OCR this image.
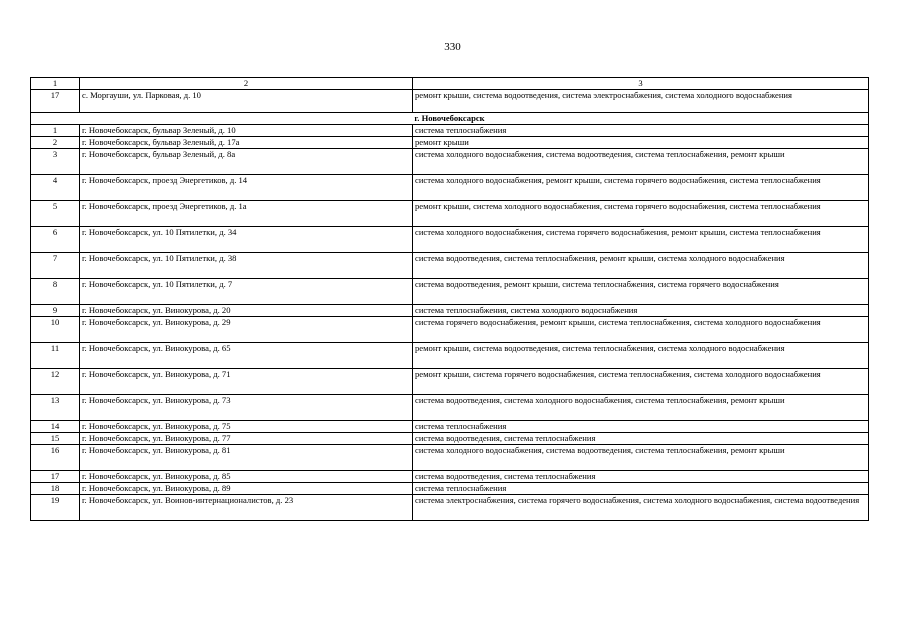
330
1	2	3
17	с. Моргауши, ул. Парковая, д. 10	ремонт крыши, система водоотведения, система электроснабжения, система холодного водоснабжения
г. Новочебоксарск		
1	г. Новочебоксарск, бульвар Зеленый, д. 10	система теплоснабжения
2	г. Новочебоксарск, бульвар Зеленый, д. 17а	ремонт крыши
3	г. Новочебоксарск, бульвар Зеленый, д. 8а	система холодного водоснабжения, система водоотведения, система теплоснабжения, ремонт крыши
4	г. Новочебоксарск, проезд Энергетиков, д. 14	система холодного водоснабжения, ремонт крыши, система горячего водоснабжения, система теплоснабжения
5	г. Новочебоксарск, проезд Энергетиков, д. 1а	ремонт крыши, система холодного водоснабжения, система горячего водоснабжения, система теплоснабжения
6	г. Новочебоксарск, ул. 10 Пятилетки, д. 34	система холодного водоснабжения, система горячего водоснабжения, ремонт крыши, система теплоснабжения
7	г. Новочебоксарск, ул. 10 Пятилетки, д. 38	система водоотведения, система теплоснабжения, ремонт крыши, система холодного водоснабжения
8	г. Новочебоксарск, ул. 10 Пятилетки, д. 7	система водоотведения, ремонт крыши, система теплоснабжения, система горячего водоснабжения
9	г. Новочебоксарск, ул. Винокурова, д. 20	система теплоснабжения, система холодного водоснабжения
10	г. Новочебоксарск, ул. Винокурова, д. 29	система горячего водоснабжения, ремонт крыши, система теплоснабжения, система холодного водоснабжения
11	г. Новочебоксарск, ул. Винокурова, д. 65	ремонт крыши, система водоотведения, система теплоснабжения, система холодного водоснабжения
12	г. Новочебоксарск, ул. Винокурова, д. 71	ремонт крыши, система горячего водоснабжения, система теплоснабжения, система холодного водоснабжения
13	г. Новочебоксарск, ул. Винокурова, д. 73	система водоотведения, система холодного водоснабжения, система теплоснабжения, ремонт крыши
14	г. Новочебоксарск, ул. Винокурова, д. 75	система теплоснабжения
15	г. Новочебоксарск, ул. Винокурова, д. 77	система водоотведения, система теплоснабжения
16	г. Новочебоксарск, ул. Винокурова, д. 81	система холодного водоснабжения, система водоотведения, система теплоснабжения, ремонт крыши
17	г. Новочебоксарск, ул. Винокурова, д. 85	система водоотведения, система теплоснабжения
18	г. Новочебоксарск, ул. Винокурова, д. 89	система теплоснабжения
19	г. Новочебоксарск, ул. Воинов-интернационалистов, д. 23	система электроснабжения, система горячего водоснабжения, система холодного водоснабжения, система водоотведения
